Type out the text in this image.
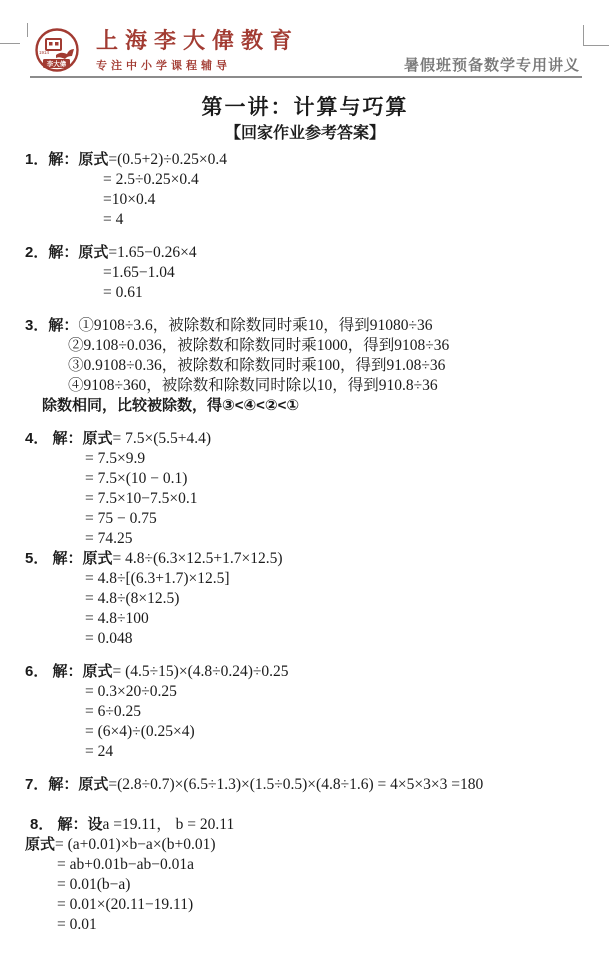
1914
李大偉
上海李大偉教育
专注中小学课程辅导	暑假班预备数学专用讲义
第一讲：计算与巧算
【回家作业参考答案】
1．解：原式=(0.5+2)÷0.25×0.4
= 2.5÷0.25×0.4
=10×0.4
= 4
2．解：原式=1.65−0.26×4
=1.65−1.04
= 0.61
3．解：①9108÷3.6，被除数和除数同时乘10，得到91080÷36
②9.108÷0.036，被除数和除数同时乘1000，得到9108÷36
③0.9108÷0.36，被除数和除数同时乘100，得到91.08÷36
④9108÷360，被除数和除数同时除以10，得到910.8÷36
除数相同，比较被除数，得③<④<②<①
4． 解：原式= 7.5×(5.5+4.4)
= 7.5×9.9
= 7.5×(10 − 0.1)
= 7.5×10−7.5×0.1
= 75 − 0.75
= 74.25
5． 解：原式= 4.8÷(6.3×12.5+1.7×12.5)
= 4.8÷[(6.3+1.7)×12.5]
= 4.8÷(8×12.5)
= 4.8÷100
= 0.048
6． 解：原式= (4.5÷15)×(4.8÷0.24)÷0.25
= 0.3×20÷0.25
= 6÷0.25
= (6×4)÷(0.25×4)
= 24
7．解：原式=(2.8÷0.7)×(6.5÷1.3)×(1.5÷0.5)×(4.8÷1.6) = 4×5×3×3 =180
8． 解：设a =19.11， b = 20.11
原式= (a+0.01)×b−a×(b+0.01)
= ab+0.01b−ab−0.01a
= 0.01(b−a)
= 0.01×(20.11−19.11)
= 0.01
